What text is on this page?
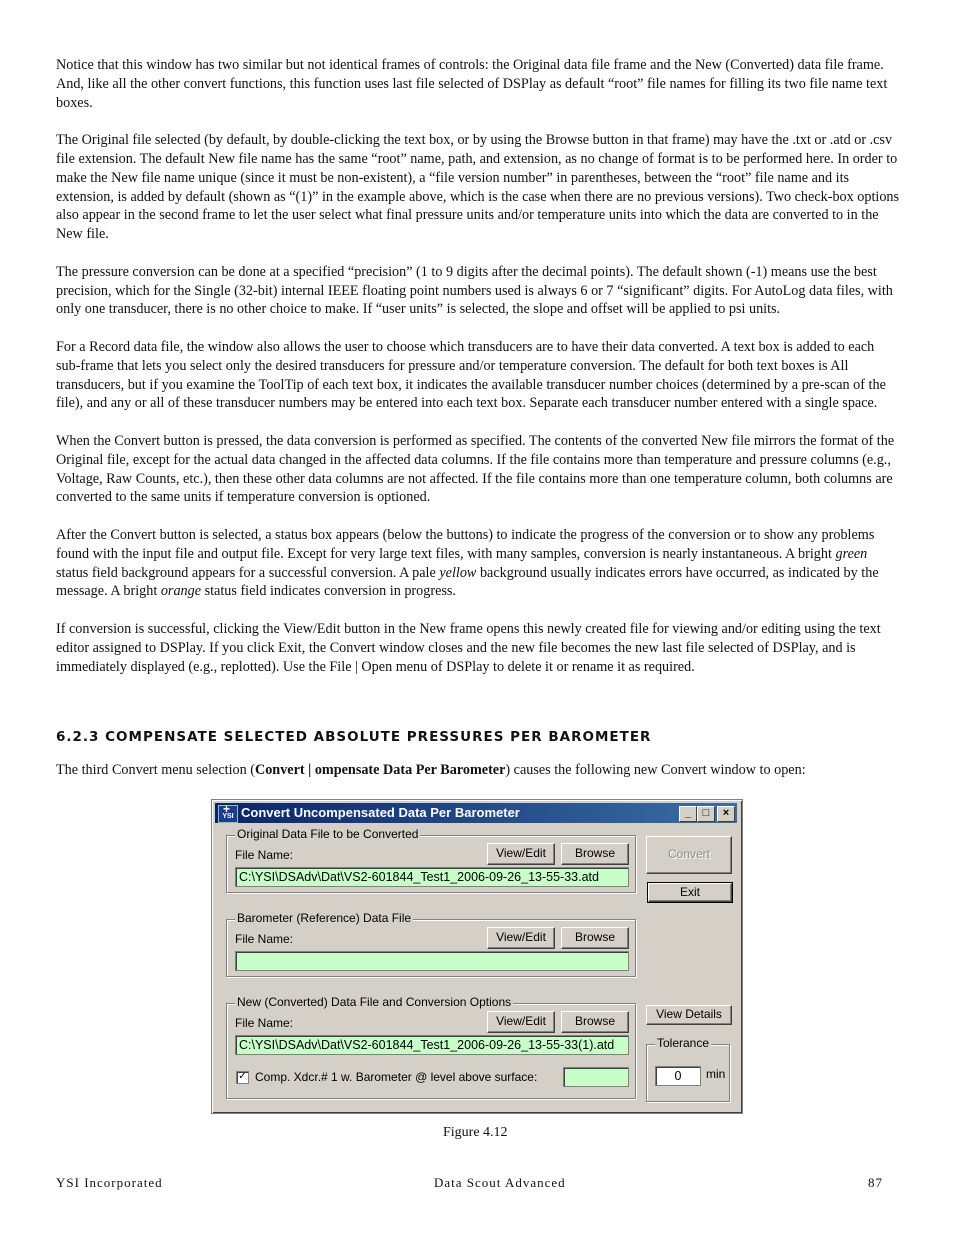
Notice that this window has two similar but not identical frames of controls: the Original data file frame and the New (Converted) data file frame. And, like all the other convert functions, this function uses last file selected of DSPlay as default “root” file names for filling its two file name text boxes.

The Original file selected (by default, by double-clicking the text box, or by using the Browse button in that frame) may have the .txt or .atd or .csv file extension. The default New file name has the same “root” name, path, and extension, as no change of format is to be performed here. In order to make the New file name unique (since it must be non-existent), a “file version number” in parentheses, between the “root” file name and its extension, is added by default (shown as “(1)” in the example above, which is the case when there are no previous versions). Two check-box options also appear in the second frame to let the user select what final pressure units and/or temperature units into which the data are converted to in the New file.

The pressure conversion can be done at a specified “precision” (1 to 9 digits after the decimal points). The default shown (-1) means use the best precision, which for the Single (32-bit) internal IEEE floating point numbers used is always 6 or 7 “significant” digits. For AutoLog data files, with only one transducer, there is no other choice to make. If “user units” is selected, the slope and offset will be applied to psi units.

For a Record data file, the window also allows the user to choose which transducers are to have their data converted. A text box is added to each sub-frame that lets you select only the desired transducers for pressure and/or temperature conversion. The default for both text boxes is All transducers, but if you examine the ToolTip of each text box, it indicates the available transducer number choices (determined by a pre-scan of the file), and any or all of these transducer numbers may be entered into each text box. Separate each transducer number entered with a single space.

When the Convert button is pressed, the data conversion is performed as specified. The contents of the converted New file mirrors the format of the Original file, except for the actual data changed in the affected data columns. If the file contains more than temperature and pressure columns (e.g., Voltage, Raw Counts, etc.), then these other data columns are not affected. If the file contains more than one temperature column, both columns are converted to the same units if temperature conversion is optioned.

After the Convert button is selected, a status box appears (below the buttons) to indicate the progress of the conversion or to show any problems found with the input file and output file. Except for very large text files, with many samples, conversion is nearly instantaneous. A bright green status field background appears for a successful conversion. A pale yellow background usually indicates errors have occurred, as indicated by the message. A bright orange status field indicates conversion in progress.

If conversion is successful, clicking the View/Edit button in the New frame opens this newly created file for viewing and/or editing using the text editor assigned to DSPlay. If you click Exit, the Convert window closes and the new file becomes the new last file selected of DSPlay, and is immediately displayed (e.g., replotted). Use the File | Open menu of DSPlay to delete it or rename it as required.

6.2.3 COMPENSATE SELECTED ABSOLUTE PRESSURES PER BAROMETER
The third Convert menu selection (Convert | ompensate Data Per Barometer) causes the following new Convert window to open:
+ YSI Convert Uncompensated Data Per Barometer	_	□	×
Original Data File to be Converted
File Name:	View/Edit	Browse
C:\YSI\DSAdv\Dat\VS2-601844_Test1_2006-09-26_13-55-33.atd
Barometer (Reference) Data File
File Name:	View/Edit	Browse
New (Converted) Data File and Conversion Options
File Name:	View/Edit	Browse
C:\YSI\DSAdv\Dat\VS2-601844_Test1_2006-09-26_13-55-33(1).atd
✓ Comp. Xdcr.# 1 w. Barometer @ level above surface:
Convert
Exit
View Details
Tolerance
0	min
Figure 4.12
YSI Incorporated	Data Scout Advanced	87
